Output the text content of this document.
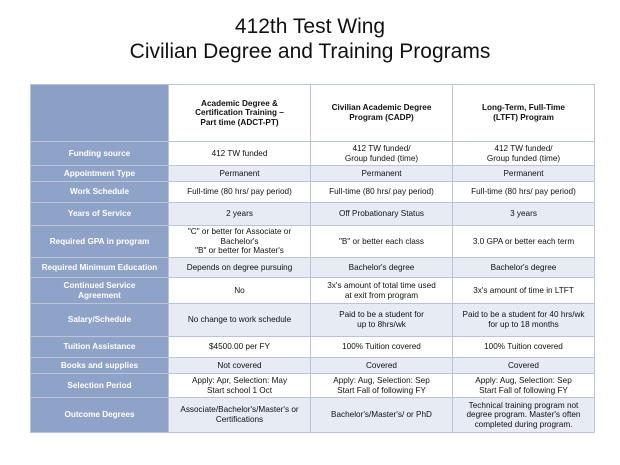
412th Test Wing
Civilian Degree and Training Programs

	Academic Degree &
Certification Training –
Part time (ADCT-PT)	Civilian Academic Degree
Program (CADP)	Long-Term, Full-Time
(LTFT) Program

Funding source	412 TW funded	412 TW funded/
Group funded (time)	412 TW funded/
Group funded (time)

Appointment Type	Permanent	Permanent	Permanent

Work Schedule	Full-time (80 hrs/ pay period)	Full-time (80 hrs/ pay period)	Full-time (80 hrs/ pay period)

Years of Service	2 years	Off Probationary Status	3 years

Required GPA in program	"C" or better for Associate or
Bachelor's
"B" or better for Master's	"B" or better each class	3.0 GPA or better each term

Required Minimum Education	Depends on degree pursuing	Bachelor's degree	Bachelor's degree

Continued Service
Agreement	No	3x's amount of total time used
at exit from program	3x's amount of time in LTFT

Salary/Schedule	No change to work schedule	Paid to be a student for
up to 8hrs/wk	Paid to be a student for 40 hrs/wk
for up to 18 months

Tuition Assistance	$4500.00 per FY	100% Tuition covered	100% Tuition covered

Books and supplies	Not covered	Covered	Covered

Selection Period	Apply: Apr, Selection: May
Start school 1 Oct	Apply: Aug, Selection: Sep
Start Fall of following FY	Apply: Aug, Selection: Sep
Start Fall of following FY

Outcome Degrees	Associate/Bachelor's/Master's or
Certifications	Bachelor's/Master's/ or PhD	Technical training program not
degree program. Master's often
completed during program.
